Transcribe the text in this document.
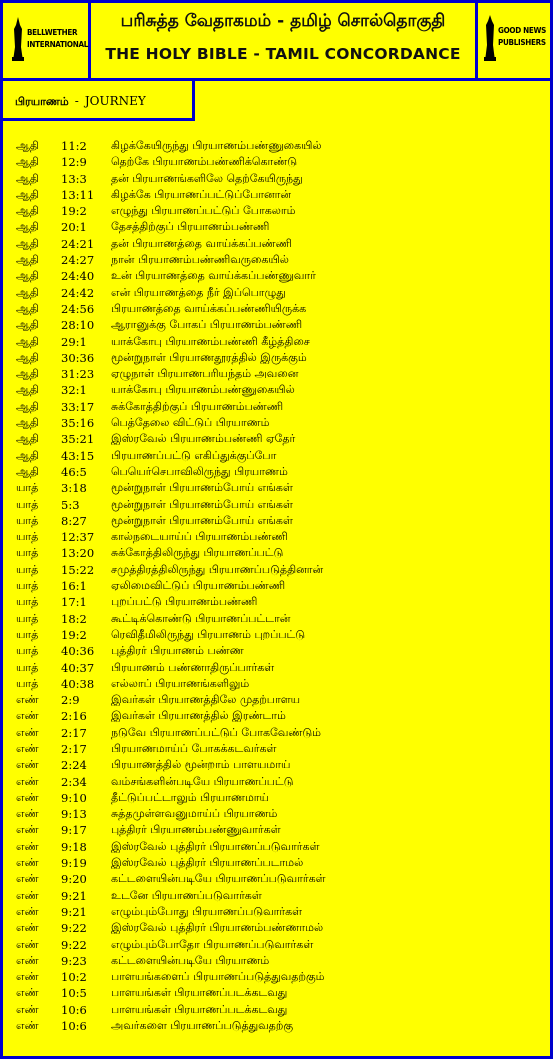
BELLWETHER
INTERNATIONAL
பரிசுத்த வேதாகமம் - தமிழ் சொல்தொகுதி
THE HOLY BIBLE - TAMIL CONCORDANCE
GOOD NEWS
PUBLISHERS
பிரயாணம் - JOURNEY
ஆதி 11:2 கிழக்கேயிருந்து பிரயாணம்பண்ணுகையில்
ஆதி 12:9 தெற்கே பிரயாணம்பண்ணிக்கொண்டு
ஆதி 13:3 தன் பிரயாணங்களிலே தெற்கேயிருந்து
ஆதி 13:11 கிழக்கே பிரயாணப்பட்டுப்போனான்
ஆதி 19:2 எழுந்து பிரயாணப்பட்டுப் போகலாம்
ஆதி 20:1 தேசத்திற்குப் பிரயாணம்பண்ணி
ஆதி 24:21 தன் பிரயாணத்தை வாய்க்கப்பண்ணி
ஆதி 24:27 நான் பிரயாணம்பண்ணிவருகையில்
ஆதி 24:40 உன் பிரயாணத்தை வாய்க்கப்பண்ணுவார்
ஆதி 24:42 என் பிரயாணத்தை நீர் இப்பொழுது
ஆதி 24:56 பிரயாணத்தை வாய்க்கப்பண்ணியிருக்க
ஆதி 28:10 ஆரானுக்கு போகப் பிரயாணம்பண்ணி
ஆதி 29:1 யாக்கோபு பிரயாணம்பண்ணி கீழ்த்திசை
ஆதி 30:36 மூன்றுநாள் பிரயாணதூரத்தில் இருக்கும்
ஆதி 31:23 ஏழுநாள் பிரயாணபரியந்தம் அவனை
ஆதி 32:1 யாக்கோபு பிரயாணம்பண்ணுகையில்
ஆதி 33:17 சுக்கோத்திற்குப் பிரயாணம்பண்ணி
ஆதி 35:16 பெத்தேலை விட்டுப் பிரயாணம்
ஆதி 35:21 இஸ்ரவேல் பிரயாணம்பண்ணி ஏதேர்
ஆதி 43:15 பிரயாணப்பட்டு எகிப்துக்குப்போ
ஆதி 46:5 பெயெர்செபாவிலிருந்து பிரயாணம்
யாத் 3:18 மூன்றுநாள் பிரயாணம்போய் எங்கள்
யாத் 5:3	மூன்றுநாள் பிரயாணம்போய் எங்கள்
யாத் 8:27 மூன்றுநாள் பிரயாணம்போய் எங்கள்
யாத் 12:37 கால்நடையாய்ப் பிரயாணம்பண்ணி
யாத் 13:20 சுக்கோத்திலிருந்து பிரயாணப்பட்டு
யாத் 15:22 சமுத்திரத்திலிருந்து பிரயாணப்படுத்தினான்
யாத் 16:1 ஏலிமைவிட்டுப் பிரயாணம்பண்ணி
யாத் 17:1 புறப்பட்டு பிரயாணம்பண்ணி
யாத் 18:2 கூட்டிக்கொண்டு பிரயாணப்பட்டான்
யாத் 19:2 ரெவிதீமிலிருந்து பிரயாணம் புறப்பட்டு
யாத் 40:36 புத்திரர் பிரயாணம் பண்ண
யாத் 40:37 பிரயாணம் பண்ணாதிருப்பார்கள்
யாத் 40:38 எல்லாப் பிரயாணங்களிலும்
எண் 2:9	இவர்கள் பிரயாணத்திலே முதற்பாளய
எண் 2:16 இவர்கள் பிரயாணத்தில் இரண்டாம்
எண் 2:17 நடுவே பிரயாணப்பட்டுப் போகவேண்டும்
எண் 2:17 பிரயாணமாய்ப் போகக்கடவர்கள்
எண் 2:24 பிரயாணத்தில் மூன்றாம் பாளயமாய்
எண் 2:34 வம்சங்களின்படியே பிரயாணப்பட்டு
எண் 9:10 தீட்டுப்பட்டாலும் பிரயாணமாய்
எண் 9:13 சுத்தமுள்ளவனுமாய்ப் பிரயாணம்
எண் 9:17 புத்திரர் பிரயாணம்பண்ணுவார்கள்
எண் 9:18 இஸ்ரவேல் புத்திரர் பிரயாணப்படுவார்கள்
எண் 9:19 இஸ்ரவேல் புத்திரர் பிரயாணப்படாமல்
எண் 9:20 கட்டளையின்படியே பிரயாணப்படுவார்கள்
எண் 9:21 உடனே பிரயாணப்படுவார்கள்
எண் 9:21 எழும்பும்போது பிரயாணப்படுவார்கள்
எண் 9:22 இஸ்ரவேல் புத்திரர் பிரயாணம்பண்ணாமல்
எண் 9:22 எழும்பும்போதோ பிரயாணப்படுவார்கள்
எண் 9:23 கட்டளையின்படியே பிரயாணம்
எண் 10:2 பாளயங்களைப் பிரயாணப்படுத்துவதற்கும்
எண் 10:5 பாளயங்கள் பிரயாணப்படக்கடவது
எண் 10:6 பாளயங்கள் பிரயாணப்படக்கடவது
எண் 10:6 அவர்களை பிரயாணப்படுத்துவதற்கு
